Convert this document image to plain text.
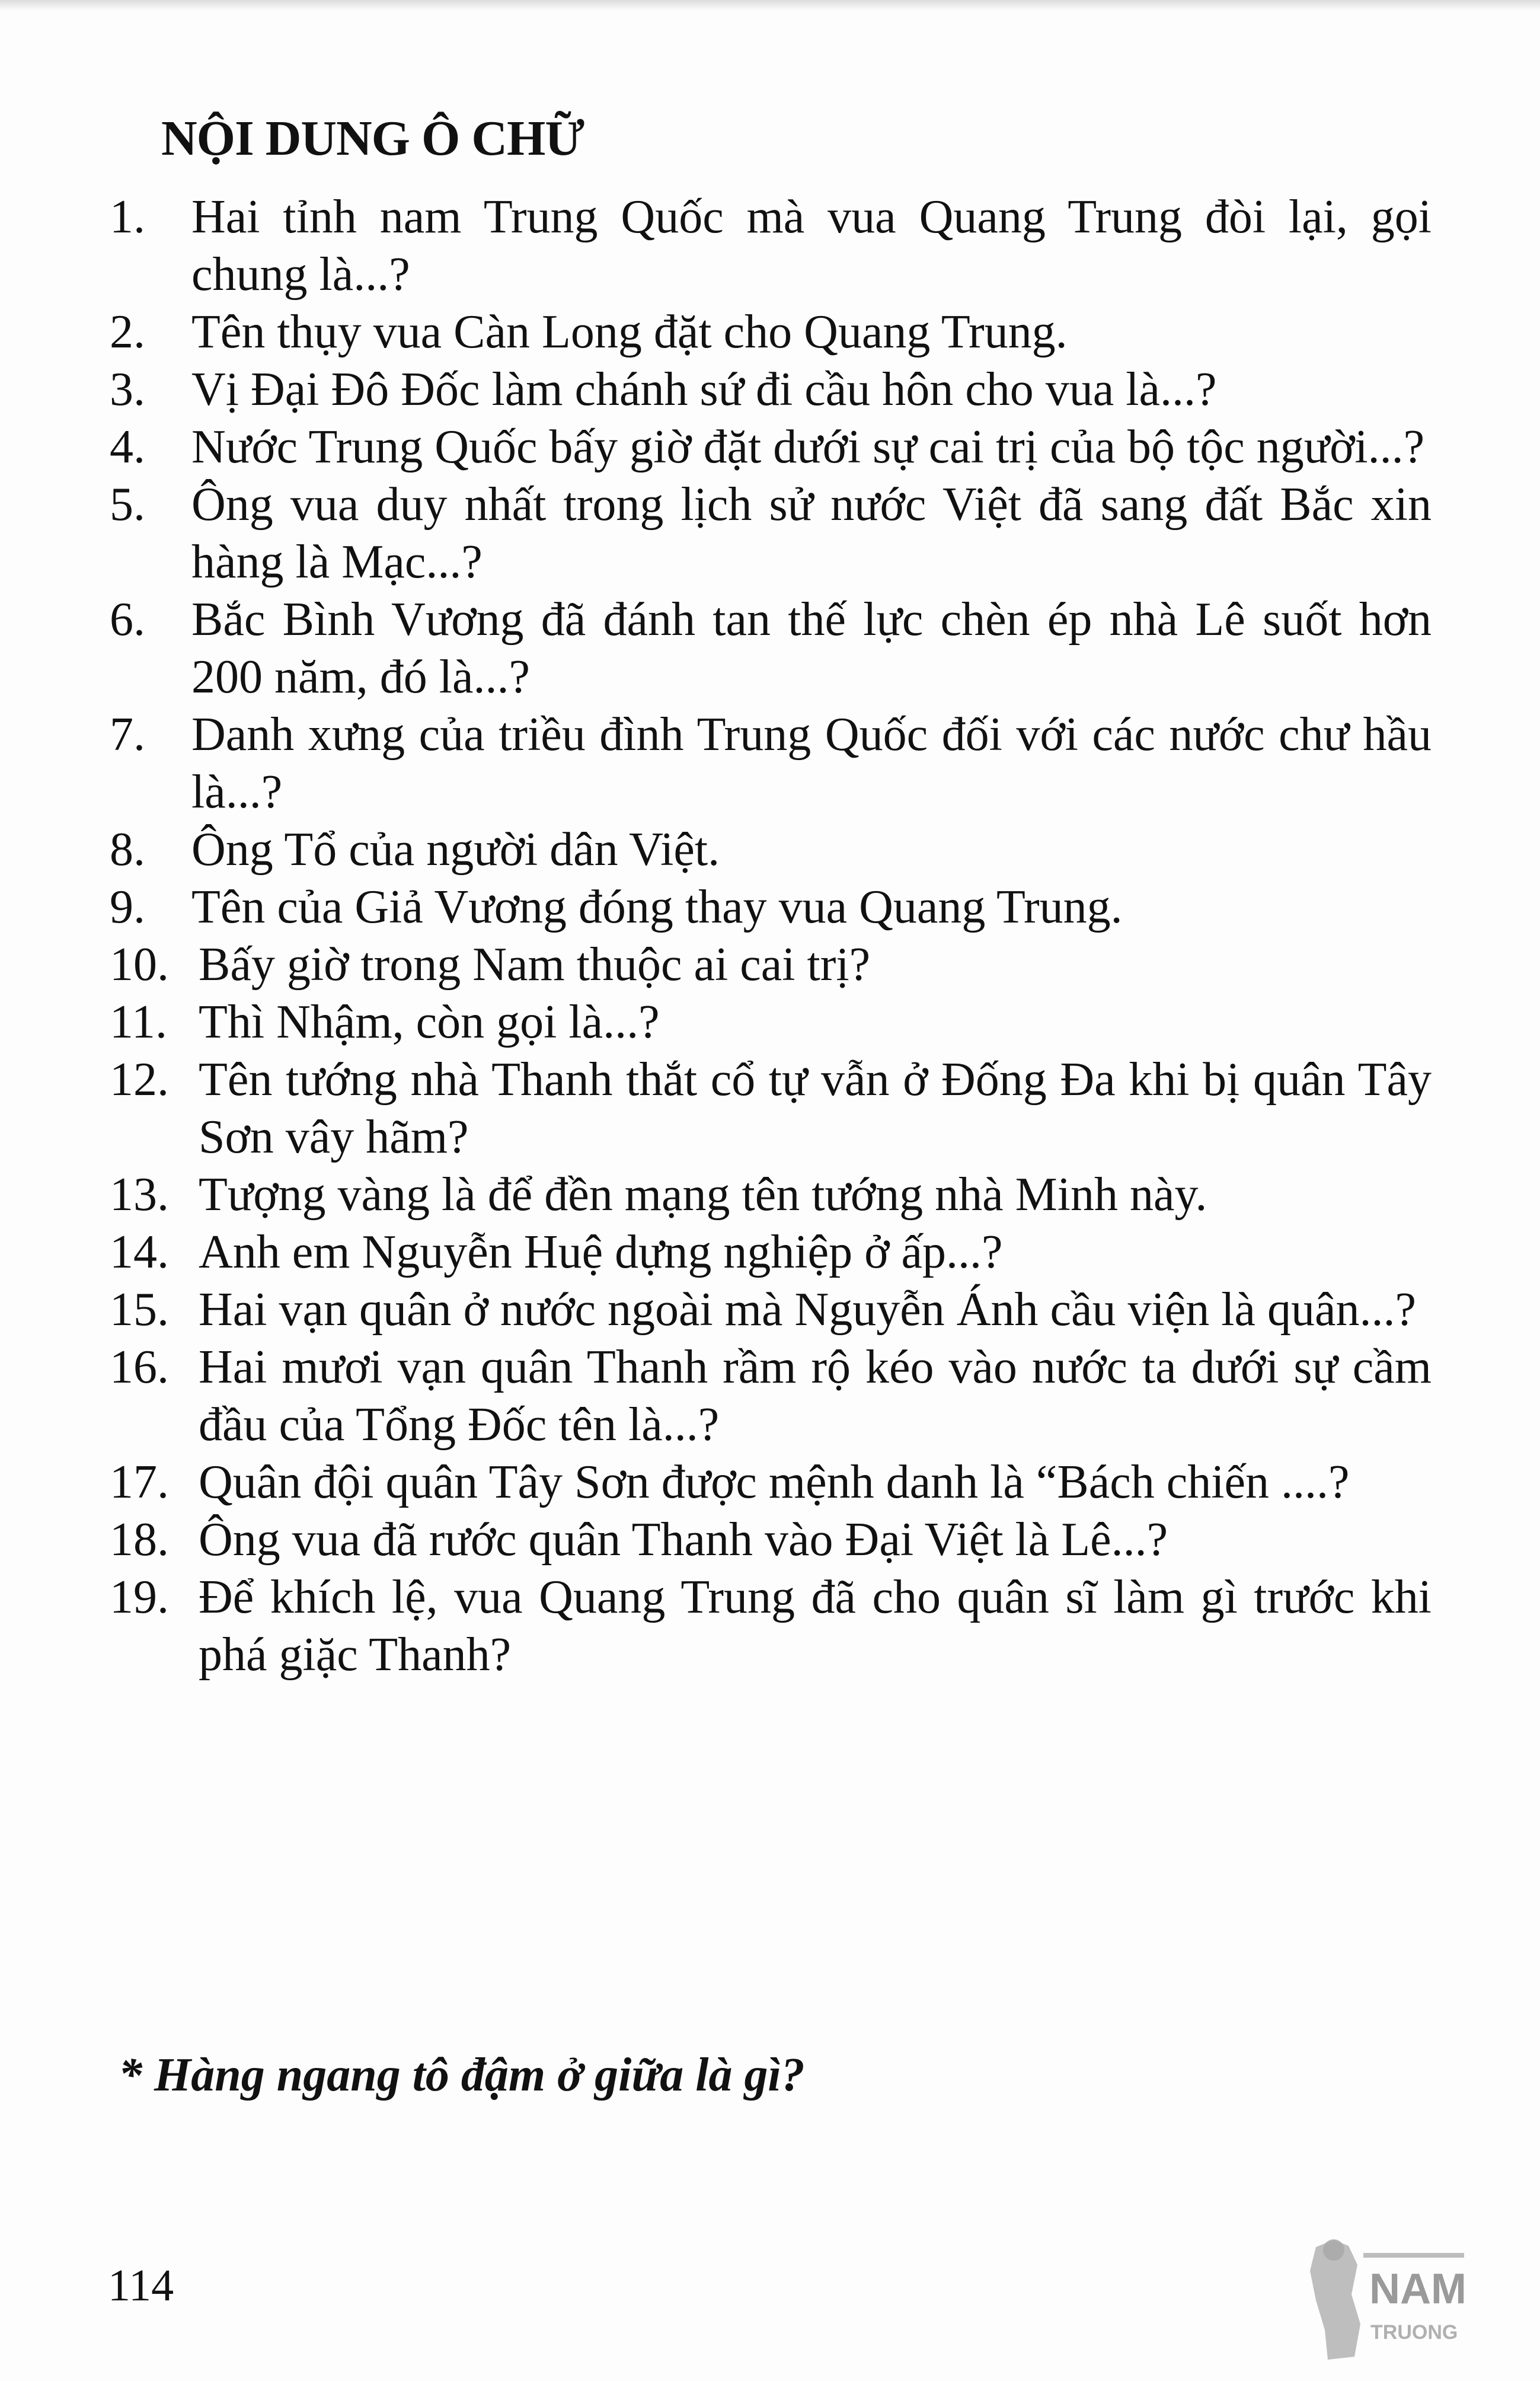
NỘI DUNG Ô CHỮ
1. Hai tỉnh nam Trung Quốc mà vua Quang Trung đòi lại, gọi chung là...?
2. Tên thụy vua Càn Long đặt cho Quang Trung.
3. Vị Đại Đô Đốc làm chánh sứ đi cầu hôn cho vua là...?
4. Nước Trung Quốc bấy giờ đặt dưới sự cai trị của bộ tộc người...?
5. Ông vua duy nhất trong lịch sử nước Việt đã sang đất Bắc xin hàng là Mạc...?
6. Bắc Bình Vương đã đánh tan thế lực chèn ép nhà Lê suốt hơn 200 năm, đó là...?
7. Danh xưng của triều đình Trung Quốc đối với các nước chư hầu là...?
8. Ông Tổ của người dân Việt.
9. Tên của Giả Vương đóng thay vua Quang Trung.
10. Bấy giờ trong Nam thuộc ai cai trị?
11. Thì Nhậm, còn gọi là...?
12. Tên tướng nhà Thanh thắt cổ tự vẫn ở Đống Đa khi bị quân Tây Sơn vây hãm?
13. Tượng vàng là để đền mạng tên tướng nhà Minh này.
14. Anh em Nguyễn Huệ dựng nghiệp ở ấp...?
15. Hai vạn quân ở nước ngoài mà Nguyễn Ánh cầu viện là quân...?
16. Hai mươi vạn quân Thanh rầm rộ kéo vào nước ta dưới sự cầm đầu của Tổng Đốc tên là...?
17. Quân đội quân Tây Sơn được mệnh danh là “Bách chiến ....?
18. Ông vua đã rước quân Thanh vào Đại Việt là Lê...?
19. Để khích lệ, vua Quang Trung đã cho quân sĩ làm gì trước khi phá giặc Thanh?

* Hàng ngang tô đậm ở giữa là gì?

114	NAM
TRUONG
